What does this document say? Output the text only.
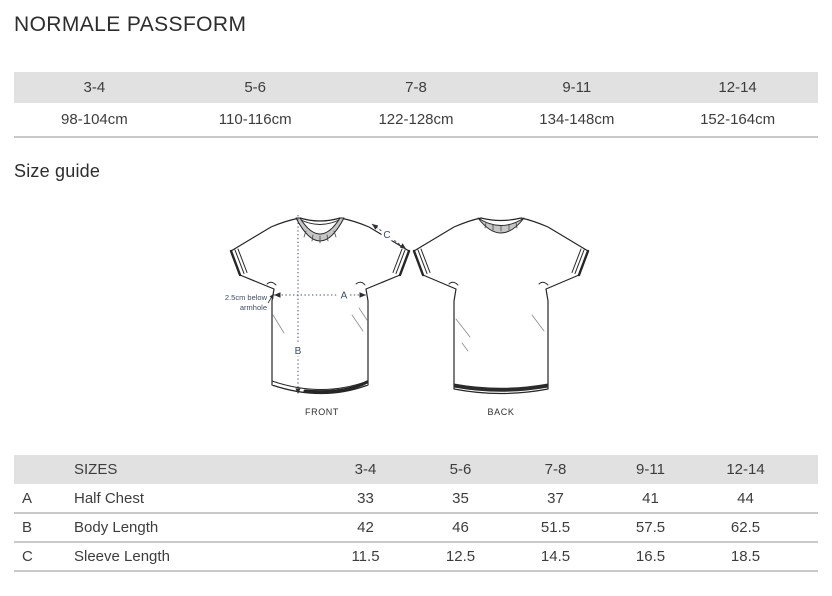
NORMALE PASSFORM
3-4	5-6	7-8	9-11	12-14
98-104cm	110-116cm	122-128cm	134-148cm	152-164cm
Size guide
A
B
C
2.5cm below
armhole
FRONT	BACK
	SIZES	3-4	5-6	7-8	9-11	12-14	
A	Half Chest	33	35	37	41	44	
B	Body Length	42	46	51.5	57.5	62.5	
C	Sleeve Length	11.5	12.5	14.5	16.5	18.5	
